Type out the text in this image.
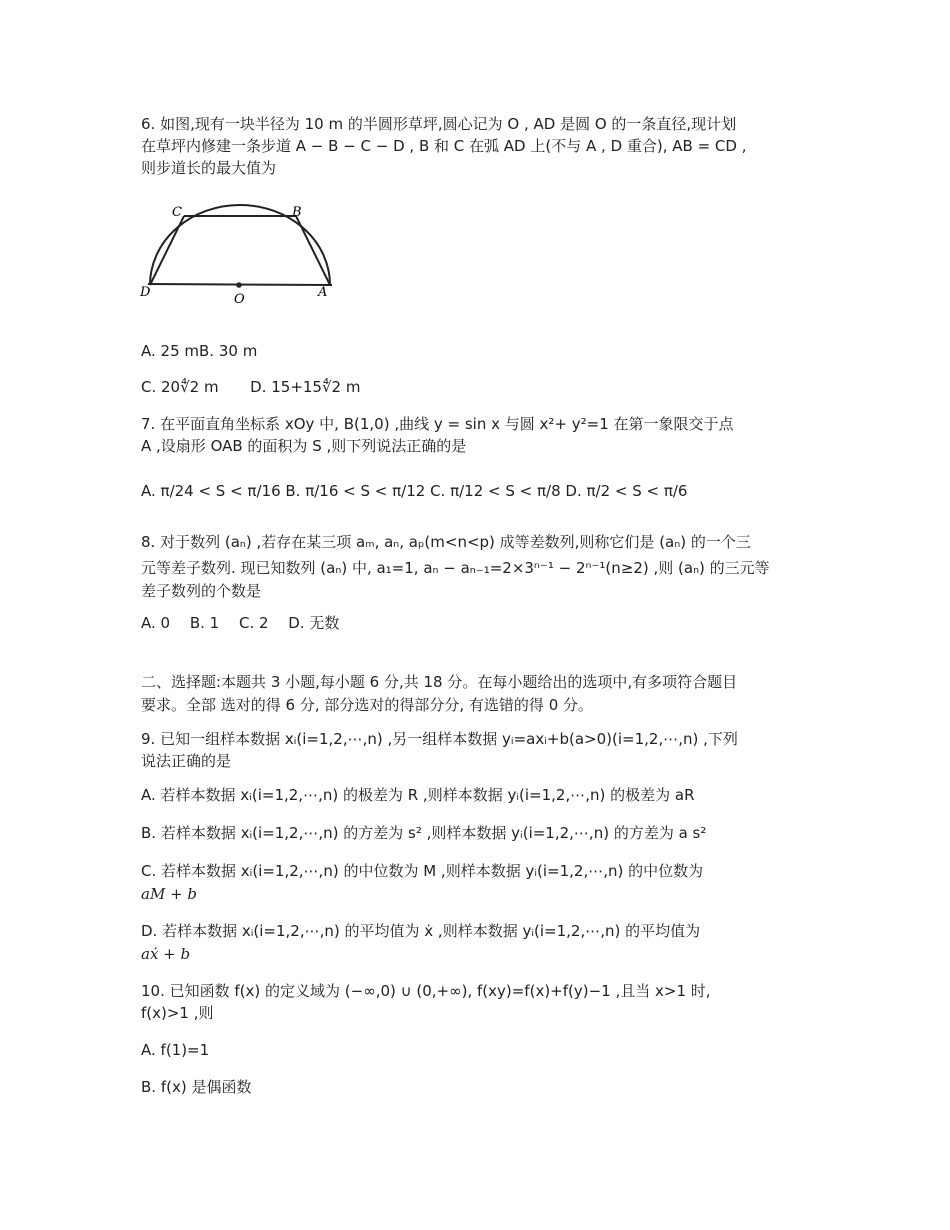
6. 如图,现有一块半径为 10 m 的半圆形草坪,圆心记为 O , AD 是圆 O 的一条直径,现计划

在草坪内修建一条步道 A − B − C − D , B 和 C 在弧 AD 上(不与 A , D 重合), AB = CD ,

则步道长的最大值为

C	B
D	O	A

A. 25 mB. 30 m

C. 20∜2 m D. 15+15∜2 m

7. 在平面直角坐标系 xOy 中, B(1,0) ,曲线 y = sin x 与圆 x²+ y²=1 在第一象限交于点

A ,设扇形 OAB 的面积为 S ,则下列说法正确的是

A. π/24 < S < π/16 B. π/16 < S < π/12 C. π/12 < S < π/8 D. π/2 < S < π/6

8. 对于数列 (aₙ) ,若存在某三项 aₘ, aₙ, aₚ(m<n<p) 成等差数列,则称它们是 (aₙ) 的一个三

元等差子数列. 现已知数列 (aₙ) 中, a₁=1, aₙ − aₙ₋₁=2×3ⁿ⁻¹ − 2ⁿ⁻¹(n≥2) ,则 (aₙ) 的三元等

差子数列的个数是

A. 0　 B. 1　 C. 2　 D. 无数

二、选择题:本题共 3 小题,每小题 6 分,共 18 分。在每小题给出的选项中,有多项符合题目

要求。全部 选对的得 6 分, 部分选对的得部分分, 有选错的得 0 分。

9. 已知一组样本数据 xᵢ(i=1,2,⋯,n) ,另一组样本数据 yᵢ=axᵢ+b(a>0)(i=1,2,⋯,n) ,下列

说法正确的是

A. 若样本数据 xᵢ(i=1,2,⋯,n) 的极差为 R ,则样本数据 yᵢ(i=1,2,⋯,n) 的极差为 aR

B. 若样本数据 xᵢ(i=1,2,⋯,n) 的方差为 s² ,则样本数据 yᵢ(i=1,2,⋯,n) 的方差为 a s²

C. 若样本数据 xᵢ(i=1,2,⋯,n) 的中位数为 M ,则样本数据 yᵢ(i=1,2,⋯,n) 的中位数为

aM + b

D. 若样本数据 xᵢ(i=1,2,⋯,n) 的平均值为 ẋ ,则样本数据 yᵢ(i=1,2,⋯,n) 的平均值为

aẋ + b

10. 已知函数 f(x) 的定义域为 (−∞,0) ∪ (0,+∞), f(xy)=f(x)+f(y)−1 ,且当 x>1 时,

f(x)>1 ,则

A. f(1)=1

B. f(x) 是偶函数
